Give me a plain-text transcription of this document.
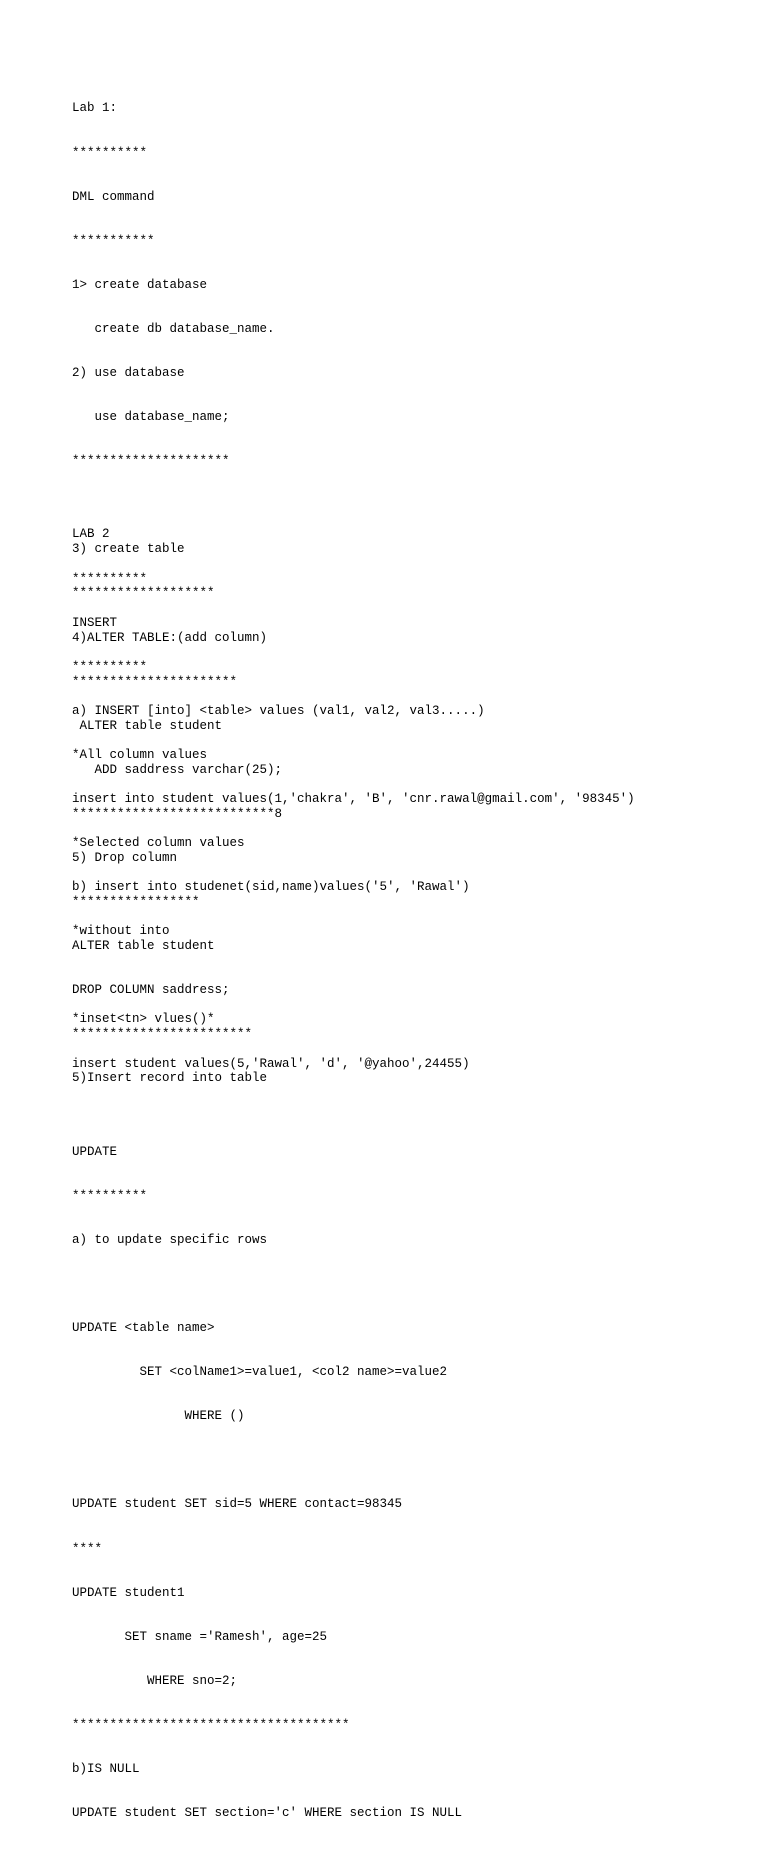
Lab 1:

**********

DML command

***********

1> create database

create db database_name.

2) use database

use database_name;

*********************

3) create table

*******************

4)ALTER TABLE:(add column)

**********************

ALTER table student

ADD saddress varchar(25);

***************************8

5) Drop column

*****************

ALTER table student

DROP COLUMN saddress;

************************

5)Insert record into table

LAB 2

**********

INSERT

**********

a) INSERT [into] <table> values (val1, val2, val3.....)

*All column values

insert into student values(1,'chakra', 'B', 'cnr.rawal@gmail.com', '98345')

*Selected column values

b) insert into studenet(sid,name)values('5', 'Rawal')

*without into

*inset<tn> vlues()*

insert student values(5,'Rawal', 'd', '@yahoo',24455)

UPDATE

**********

a) to update specific rows

UPDATE <table name>

SET <colName1>=value1, <col2 name>=value2

WHERE ()

UPDATE student SET sid=5 WHERE contact=98345

****

UPDATE student1

SET sname ='Ramesh', age=25

WHERE sno=2;

*************************************

b)IS NULL

UPDATE student SET section='c' WHERE section IS NULL
